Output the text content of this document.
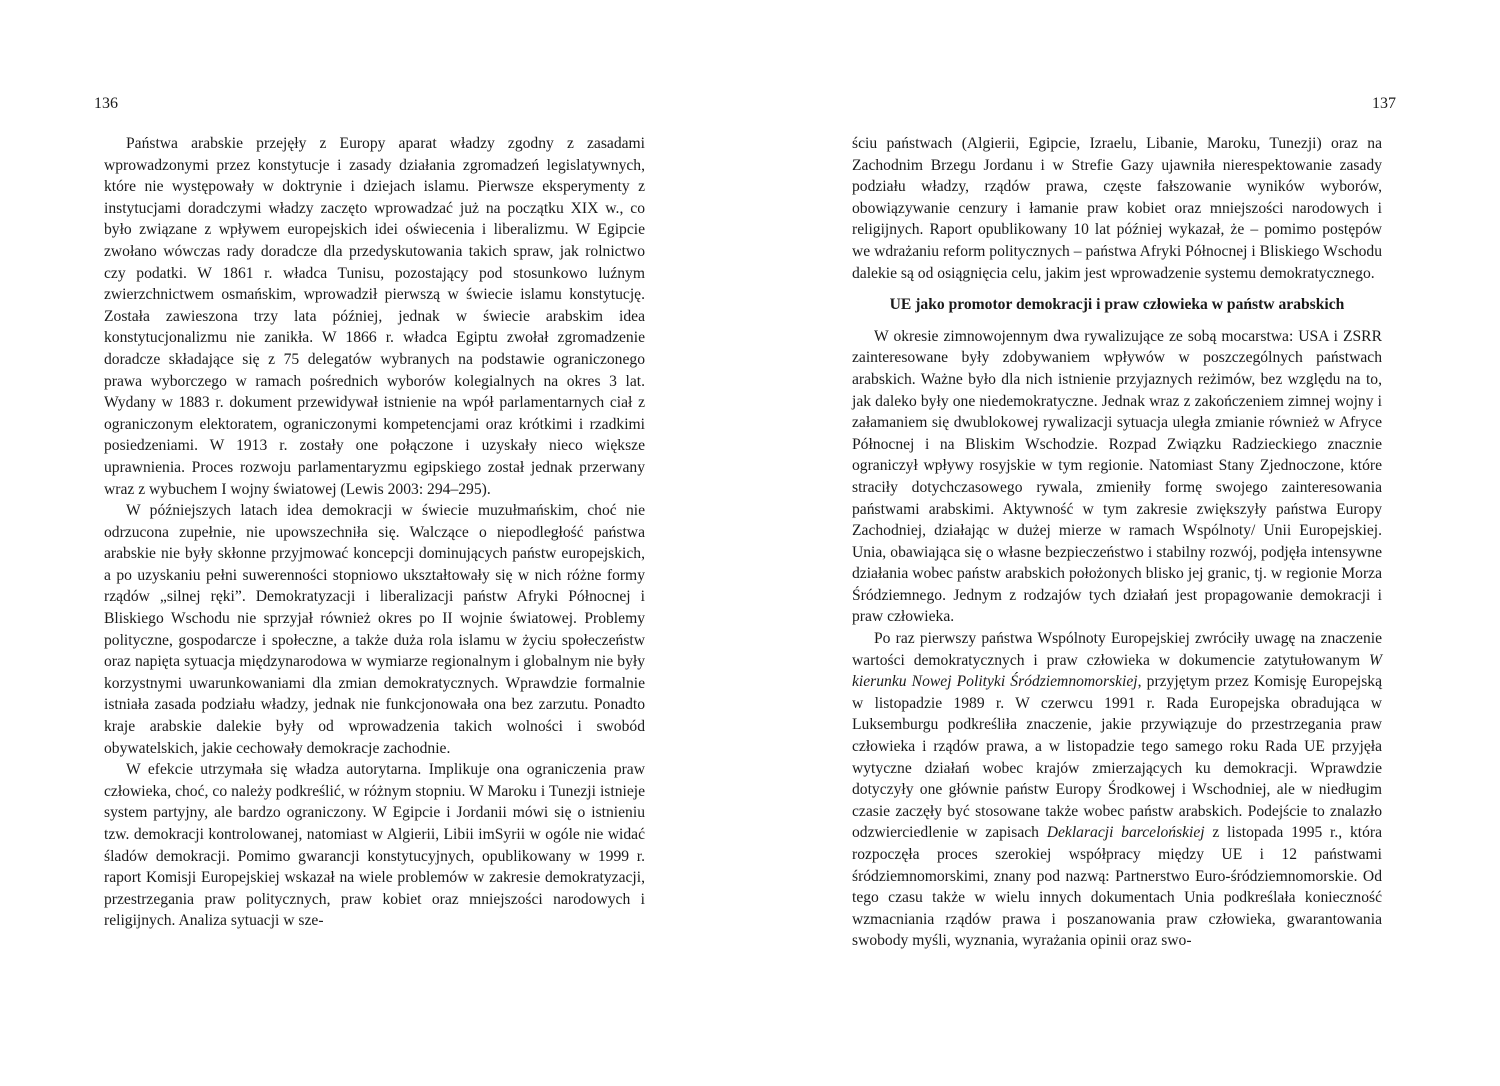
136

Państwa arabskie przejęły z Europy aparat władzy zgodny z zasadami wprowadzonymi przez konstytucje i zasady działania zgromadzeń legislatywnych, które nie występowały w doktrynie i dziejach islamu. Pierwsze eksperymenty z instytucjami doradczymi władzy zaczęto wprowadzać już na początku XIX w., co było związane z wpływem europejskich idei oświecenia i liberalizmu. W Egipcie zwołano wówczas rady doradcze dla przedyskutowania takich spraw, jak rolnictwo czy podatki. W 1861 r. władca Tunisu, pozostający pod stosunkowo luźnym zwierzchnictwem osmańskim, wprowadził pierwszą w świecie islamu konstytucję. Została zawieszona trzy lata później, jednak w świecie arabskim idea konstytucjonalizmu nie zanikła. W 1866 r. władca Egiptu zwołał zgromadzenie doradcze składające się z 75 delegatów wybranych na podstawie ograniczonego prawa wyborczego w ramach pośrednich wyborów kolegialnych na okres 3 lat. Wydany w 1883 r. dokument przewidywał istnienie na wpół parlamentarnych ciał z ograniczonym elektoratem, ograniczonymi kompetencjami oraz krótkimi i rzadkimi posiedzeniami. W 1913 r. zostały one połączone i uzyskały nieco większe uprawnienia. Proces rozwoju parlamentaryzmu egipskiego został jednak przerwany wraz z wybuchem I wojny światowej (Lewis 2003: 294–295).

W późniejszych latach idea demokracji w świecie muzułmańskim, choć nie odrzucona zupełnie, nie upowszechniła się. Walczące o niepodległość państwa arabskie nie były skłonne przyjmować koncepcji dominujących państw europejskich, a po uzyskaniu pełni suwerenności stopniowo ukształtowały się w nich różne formy rządów „silnej ręki”. Demokratyzacji i liberalizacji państw Afryki Północnej i Bliskiego Wschodu nie sprzyjał również okres po II wojnie światowej. Problemy polityczne, gospodarcze i społeczne, a także duża rola islamu w życiu społeczeństw oraz napięta sytuacja międzynarodowa w wymiarze regionalnym i globalnym nie były korzystnymi uwarunkowaniami dla zmian demokratycznych. Wprawdzie formalnie istniała zasada podziału władzy, jednak nie funkcjonowała ona bez zarzutu. Ponadto kraje arabskie dalekie były od wprowadzenia takich wolności i swobód obywatelskich, jakie cechowały demokracje zachodnie.

W efekcie utrzymała się władza autorytarna. Implikuje ona ograniczenia praw człowieka, choć, co należy podkreślić, w różnym stopniu. W Maroku i Tunezji istnieje system partyjny, ale bardzo ograniczony. W Egipcie i Jordanii mówi się o istnieniu tzw. demokracji kontrolowanej, natomiast w Algierii, Libii imSyrii w ogóle nie widać śladów demokracji. Pomimo gwarancji konstytucyjnych, opublikowany w 1999 r. raport Komisji Europejskiej wskazał na wiele problemów w zakresie demokratyzacji, przestrzegania praw politycznych, praw kobiet oraz mniejszości narodowych i religijnych. Analiza sytuacji w sze-

137

ściu państwach (Algierii, Egipcie, Izraelu, Libanie, Maroku, Tunezji) oraz na Zachodnim Brzegu Jordanu i w Strefie Gazy ujawniła nierespektowanie zasady podziału władzy, rządów prawa, częste fałszowanie wyników wyborów, obowiązywanie cenzury i łamanie praw kobiet oraz mniejszości narodowych i religijnych. Raport opublikowany 10 lat później wykazał, że – pomimo postępów we wdrażaniu reform politycznych – państwa Afryki Północnej i Bliskiego Wschodu dalekie są od osiągnięcia celu, jakim jest wprowadzenie systemu demokratycznego.

UE jako promotor demokracji i praw człowieka w państw arabskich

W okresie zimnowojennym dwa rywalizujące ze sobą mocarstwa: USA i ZSRR zainteresowane były zdobywaniem wpływów w poszczególnych państwach arabskich. Ważne było dla nich istnienie przyjaznych reżimów, bez względu na to, jak daleko były one niedemokratyczne. Jednak wraz z zakończeniem zimnej wojny i załamaniem się dwublokowej rywalizacji sytuacja uległa zmianie również w Afryce Północnej i na Bliskim Wschodzie. Rozpad Związku Radzieckiego znacznie ograniczył wpływy rosyjskie w tym regionie. Natomiast Stany Zjednoczone, które straciły dotychczasowego rywala, zmieniły formę swojego zainteresowania państwami arabskimi. Aktywność w tym zakresie zwiększyły państwa Europy Zachodniej, działając w dużej mierze w ramach Wspólnoty/ Unii Europejskiej. Unia, obawiająca się o własne bezpieczeństwo i stabilny rozwój, podjęła intensywne działania wobec państw arabskich położonych blisko jej granic, tj. w regionie Morza Śródziemnego. Jednym z rodzajów tych działań jest propagowanie demokracji i praw człowieka.

Po raz pierwszy państwa Wspólnoty Europejskiej zwróciły uwagę na znaczenie wartości demokratycznych i praw człowieka w dokumencie zatytułowanym W kierunku Nowej Polityki Śródziemnomorskiej, przyjętym przez Komisję Europejską w listopadzie 1989 r. W czerwcu 1991 r. Rada Europejska obradująca w Luksemburgu podkreśliła znaczenie, jakie przywiązuje do przestrzegania praw człowieka i rządów prawa, a w listopadzie tego samego roku Rada UE przyjęła wytyczne działań wobec krajów zmierzających ku demokracji. Wprawdzie dotyczyły one głównie państw Europy Środkowej i Wschodniej, ale w niedługim czasie zaczęły być stosowane także wobec państw arabskich. Podejście to znalazło odzwierciedlenie w zapisach Deklaracji barcelońskiej z listopada 1995 r., która rozpoczęła proces szerokiej współpracy między UE i 12 państwami śródziemnomorskimi, znany pod nazwą: Partnerstwo Euro-śródziemnomorskie. Od tego czasu także w wielu innych dokumentach Unia podkreślała konieczność wzmacniania rządów prawa i poszanowania praw człowieka, gwarantowania swobody myśli, wyznania, wyrażania opinii oraz swo-
